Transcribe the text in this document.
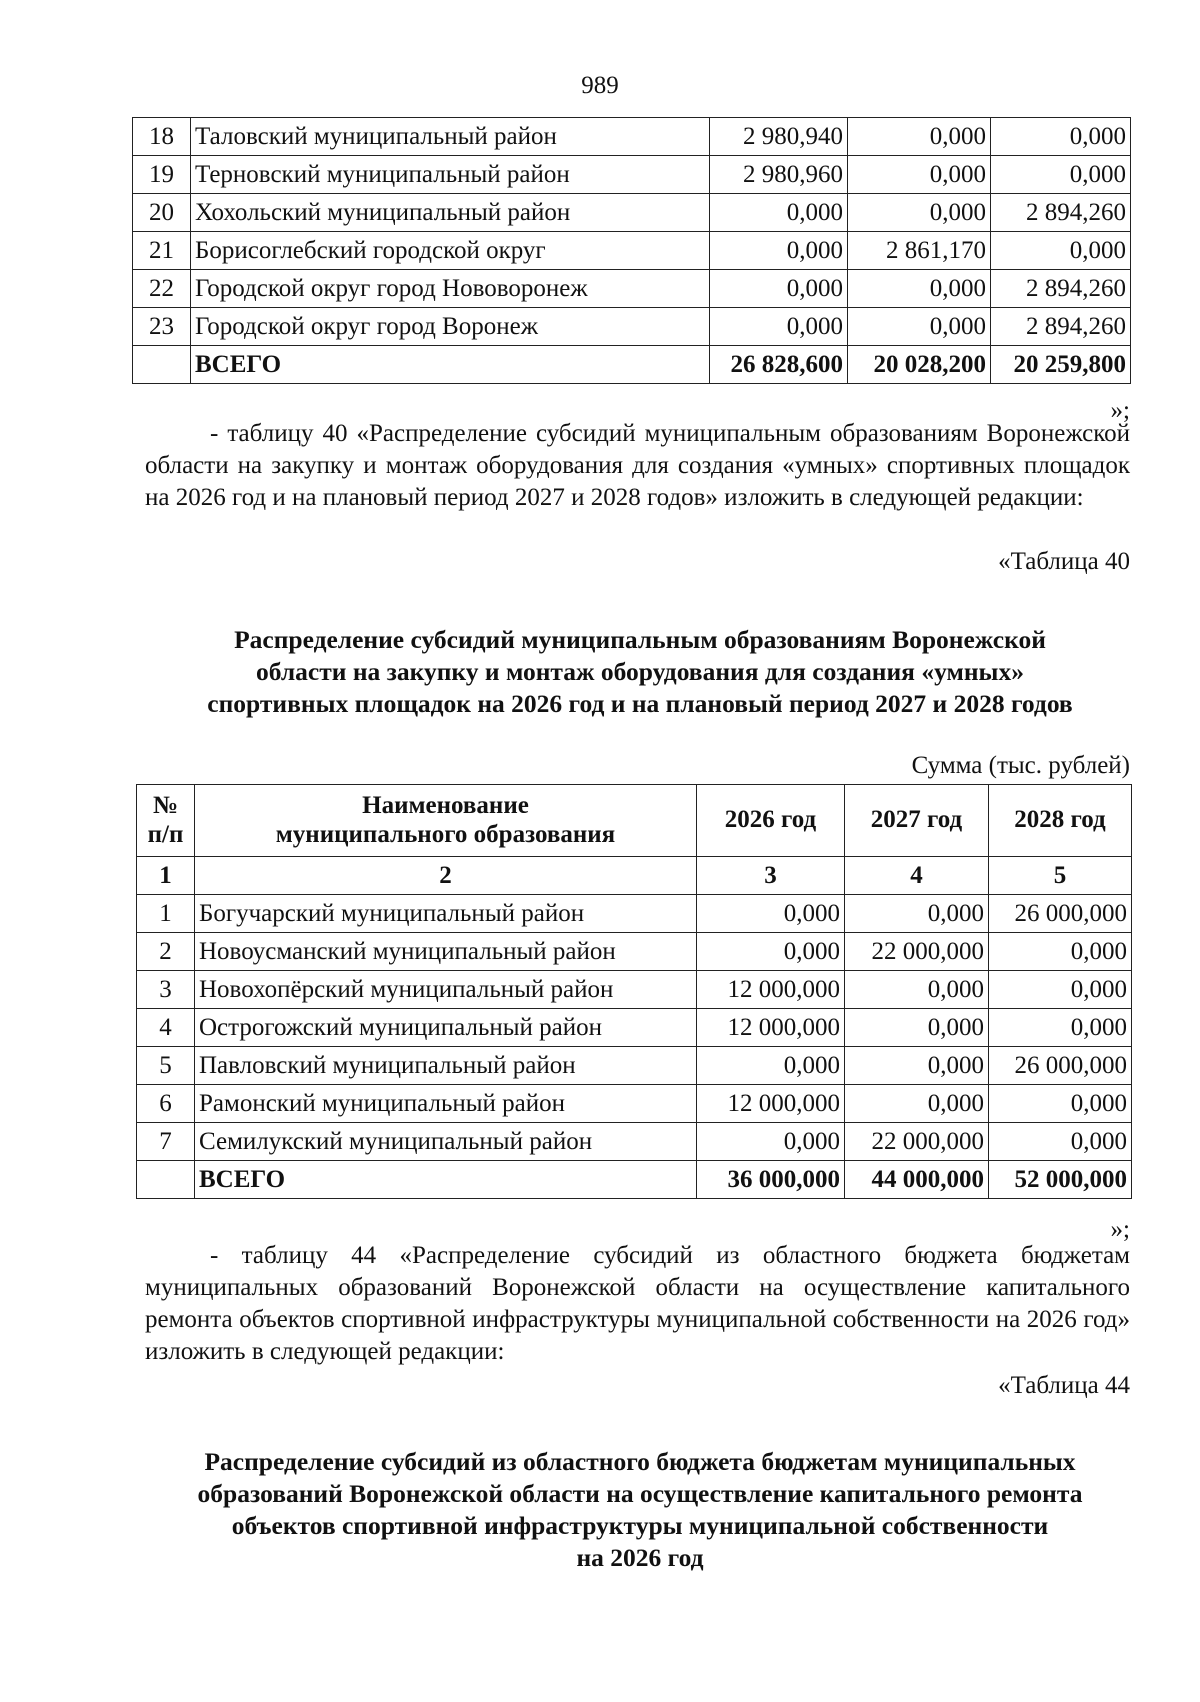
989
18	Таловский муниципальный район	2 980,940	0,000	0,000
19	Терновский муниципальный район	2 980,960	0,000	0,000
20	Хохольский муниципальный район	0,000	0,000	2 894,260
21	Борисоглебский городской округ	0,000	2 861,170	0,000
22	Городской округ город Нововоронеж	0,000	0,000	2 894,260
23	Городской округ город Воронеж	0,000	0,000	2 894,260
	ВСЕГО	26 828,600	20 028,200	20 259,800
»;

- таблицу 40 «Распределение субсидий муниципальным образованиям Воронежской области на закупку и монтаж оборудования для создания «умных» спортивных площадок на 2026 год и на плановый период 2027 и 2028 годов» изложить в следующей редакции:

«Таблица 40
Распределение субсидий муниципальным образованиям Воронежской
области на закупку и монтаж оборудования для создания «умных»
спортивных площадок на 2026 год и на плановый период 2027 и 2028 годов
Сумма (тыс. рублей)
№
п/п	Наименование
муниципального образования	2026 год	2027 год	2028 год
1	2	3	4	5
1	Богучарский муниципальный район	0,000	0,000	26 000,000
2	Новоусманский муниципальный район	0,000	22 000,000	0,000
3	Новохопёрский муниципальный район	12 000,000	0,000	0,000
4	Острогожский муниципальный район	12 000,000	0,000	0,000
5	Павловский муниципальный район	0,000	0,000	26 000,000
6	Рамонский муниципальный район	12 000,000	0,000	0,000
7	Семилукский муниципальный район	0,000	22 000,000	0,000
	ВСЕГО	36 000,000	44 000,000	52 000,000
»;

- таблицу 44 «Распределение субсидий из областного бюджета бюджетам муниципальных образований Воронежской области на осуществление капитального ремонта объектов спортивной инфраструктуры муниципальной собственности на 2026 год» изложить в следующей редакции:

«Таблица 44
Распределение субсидий из областного бюджета бюджетам муниципальных
образований Воронежской области на осуществление капитального ремонта
объектов спортивной инфраструктуры муниципальной собственности
на 2026 год
